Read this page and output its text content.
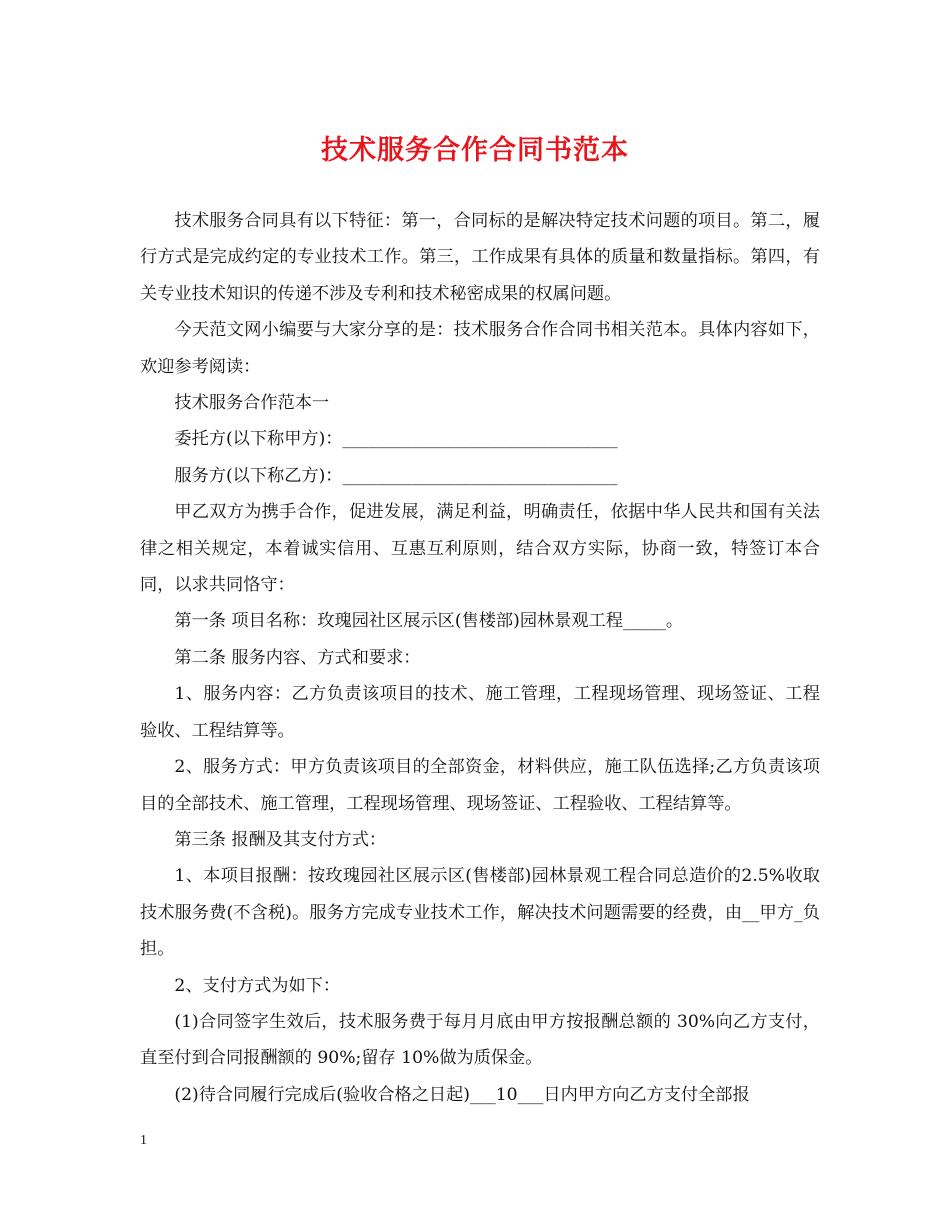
技术服务合作合同书范本

技术服务合同具有以下特征：第一，合同标的是解决特定技术问题的项目。第二，履行方式是完成约定的专业技术工作。第三，工作成果有具体的质量和数量指标。第四，有关专业技术知识的传递不涉及专利和技术秘密成果的权属问题。

今天范文网小编要与大家分享的是：技术服务合作合同书相关范本。具体内容如下，欢迎参考阅读：

技术服务合作范本一

委托方(以下称甲方)：________________________________

服务方(以下称乙方)：________________________________

甲乙双方为携手合作，促进发展，满足利益，明确责任，依据中华人民共和国有关法律之相关规定，本着诚实信用、互惠互利原则，结合双方实际，协商一致，特签订本合同，以求共同恪守：

第一条 项目名称：玫瑰园社区展示区(售楼部)园林景观工程_____。

第二条 服务内容、方式和要求：

1、服务内容：乙方负责该项目的技术、施工管理，工程现场管理、现场签证、工程验收、工程结算等。

2、服务方式：甲方负责该项目的全部资金，材料供应，施工队伍选择;乙方负责该项目的全部技术、施工管理，工程现场管理、现场签证、工程验收、工程结算等。

第三条 报酬及其支付方式：

1、本项目报酬：按玫瑰园社区展示区(售楼部)园林景观工程合同总造价的2.5%收取技术服务费(不含税)。服务方完成专业技术工作，解决技术问题需要的经费，由__甲方_负担。

2、支付方式为如下：

(1)合同签字生效后，技术服务费于每月月底由甲方按报酬总额的 30%向乙方支付，直至付到合同报酬额的 90%;留存 10%做为质保金。

(2)待合同履行完成后(验收合格之日起)___10___日内甲方向乙方支付全部报

1
